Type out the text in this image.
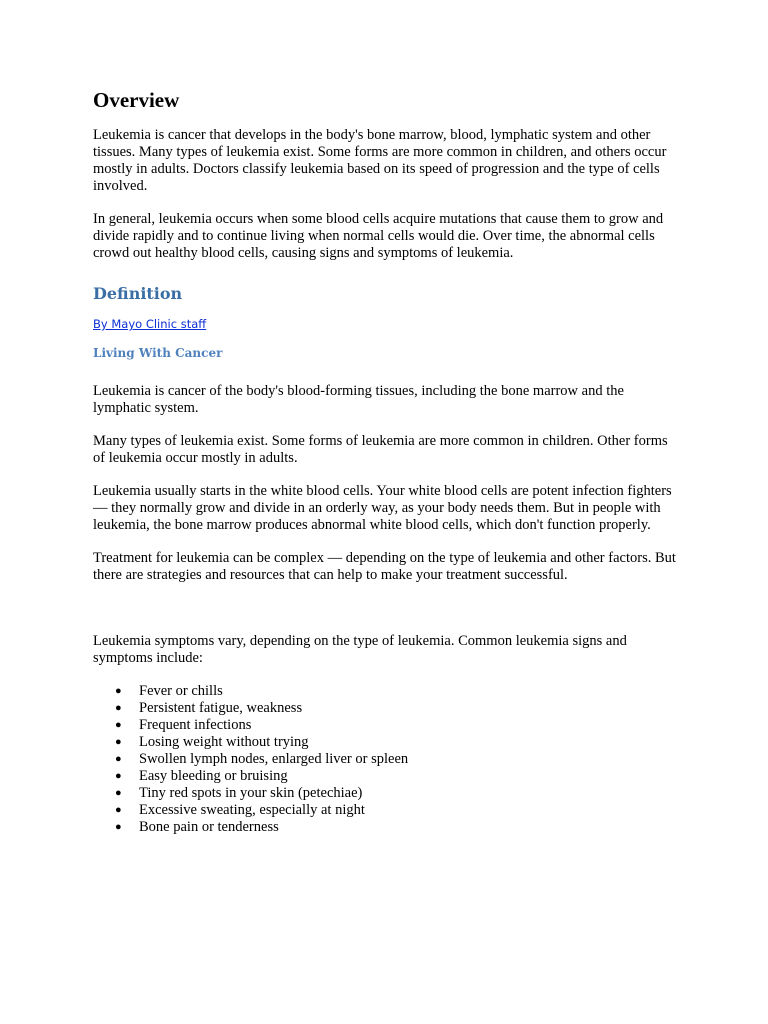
Overview

Leukemia is cancer that develops in the body's bone marrow, blood, lymphatic system and other tissues. Many types of leukemia exist. Some forms are more common in children, and others occur mostly in adults. Doctors classify leukemia based on its speed of progression and the type of cells involved.

In general, leukemia occurs when some blood cells acquire mutations that cause them to grow and divide rapidly and to continue living when normal cells would die. Over time, the abnormal cells crowd out healthy blood cells, causing signs and symptoms of leukemia.

Definition
By Mayo Clinic staff
Living With Cancer

Leukemia is cancer of the body's blood-forming tissues, including the bone marrow and the lymphatic system.

Many types of leukemia exist. Some forms of leukemia are more common in children. Other forms of leukemia occur mostly in adults.

Leukemia usually starts in the white blood cells. Your white blood cells are potent infection fighters — they normally grow and divide in an orderly way, as your body needs them. But in people with leukemia, the bone marrow produces abnormal white blood cells, which don't function properly.

Treatment for leukemia can be complex — depending on the type of leukemia and other factors. But there are strategies and resources that can help to make your treatment successful.

Leukemia symptoms vary, depending on the type of leukemia. Common leukemia signs and symptoms include:

● Fever or chills
● Persistent fatigue, weakness
● Frequent infections
● Losing weight without trying
● Swollen lymph nodes, enlarged liver or spleen
● Easy bleeding or bruising
● Tiny red spots in your skin (petechiae)
● Excessive sweating, especially at night
● Bone pain or tenderness
